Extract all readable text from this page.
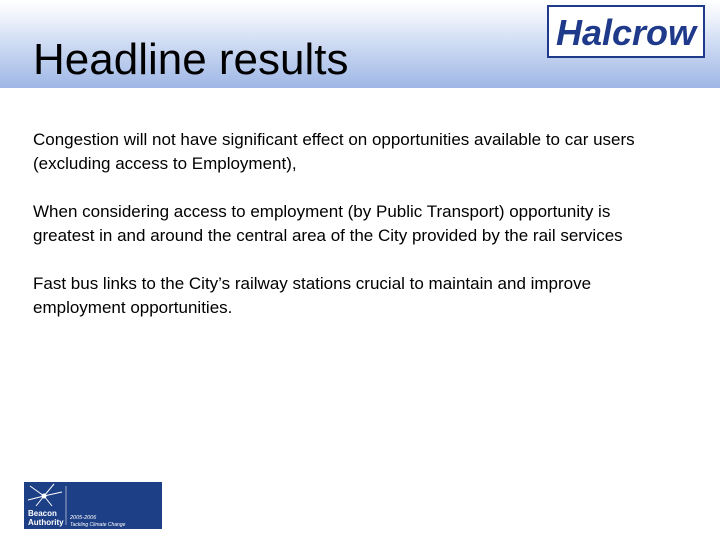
Headline results
Halcrow

Congestion will not have significant effect on opportunities available to car users (excluding access to Employment),

When considering access to employment (by Public Transport) opportunity is greatest in and around the central area of the City provided by the rail services

Fast bus links to the City’s railway stations crucial to maintain and improve employment opportunities.

Beacon
Authority 2005-2006
Tackling Climate Change
